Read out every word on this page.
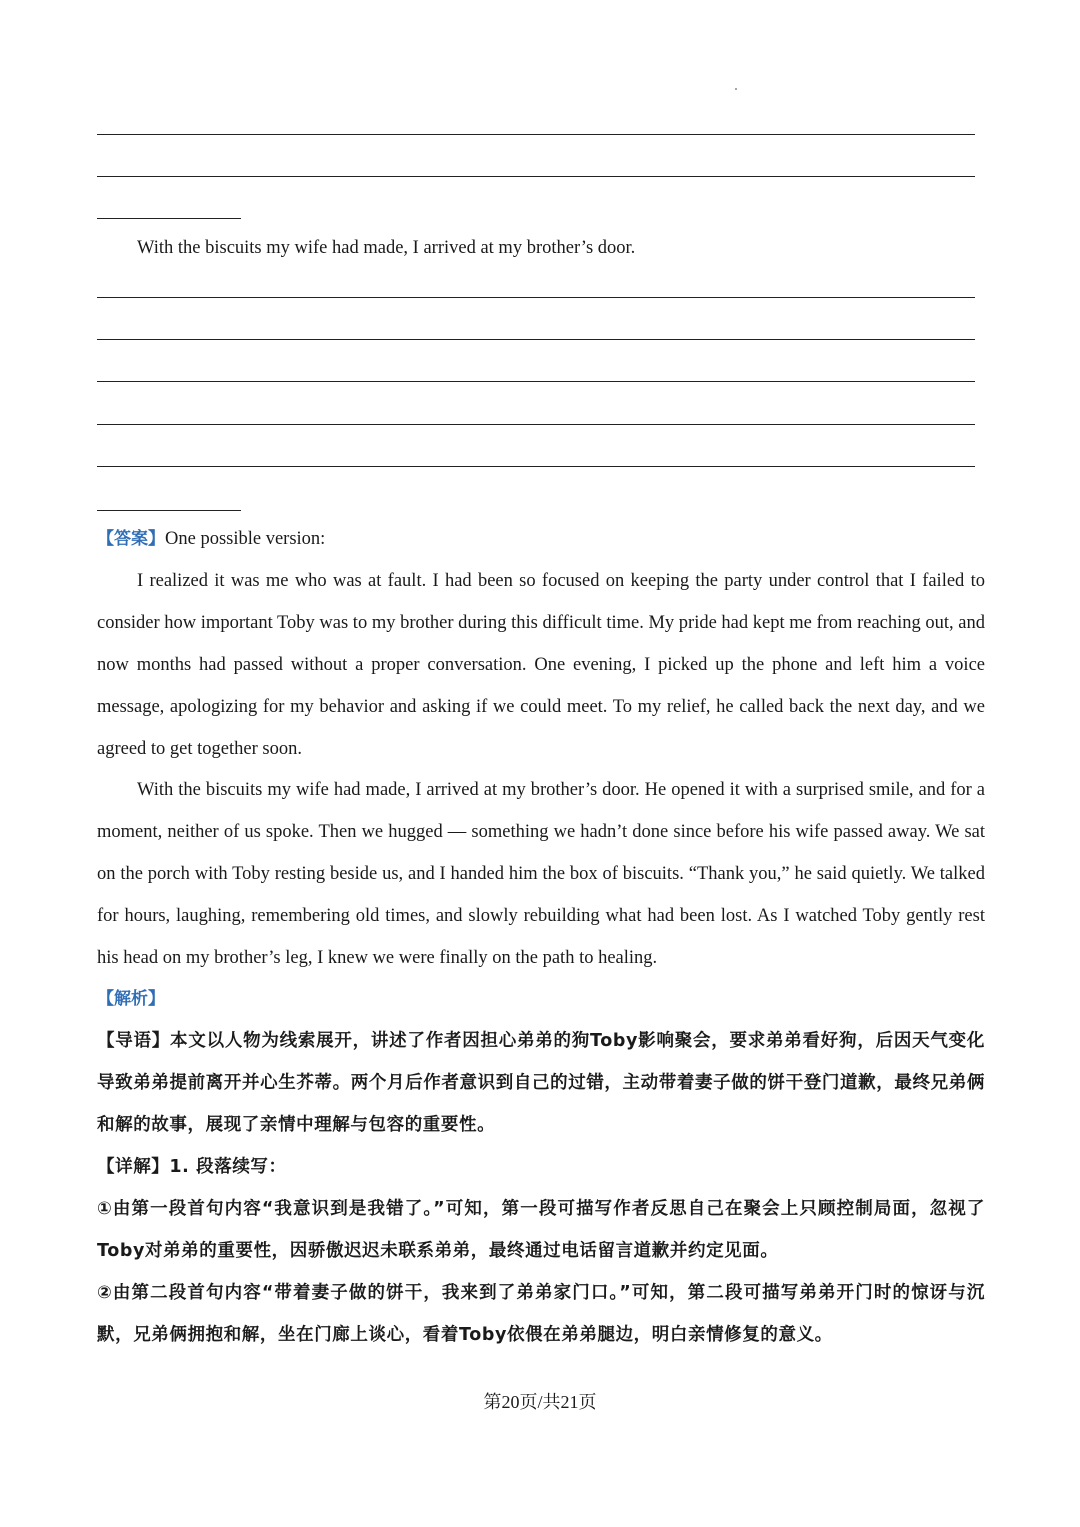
With the biscuits my wife had made, I arrived at my brother’s door.

【答案】One possible version:

I realized it was me who was at fault. I had been so focused on keeping the party under control that I failed to consider how important Toby was to my brother during this difficult time. My pride had kept me from reaching out, and now months had passed without a proper conversation. One evening, I picked up the phone and left him a voice message, apologizing for my behavior and asking if we could meet. To my relief, he called back the next day, and we agreed to get together soon.

With the biscuits my wife had made, I arrived at my brother’s door. He opened it with a surprised smile, and for a moment, neither of us spoke. Then we hugged — something we hadn’t done since before his wife passed away. We sat on the porch with Toby resting beside us, and I handed him the box of biscuits. “Thank you,” he said quietly. We talked for hours, laughing, remembering old times, and slowly rebuilding what had been lost. As I watched Toby gently rest his head on my brother’s leg, I knew we were finally on the path to healing.

【解析】

【导语】本文以人物为线索展开，讲述了作者因担心弟弟的狗Toby影响聚会，要求弟弟看好狗，后因天气变化导致弟弟提前离开并心生芥蒂。两个月后作者意识到自己的过错，主动带着妻子做的饼干登门道歉，最终兄弟俩和解的故事，展现了亲情中理解与包容的重要性。

【详解】1. 段落续写：

①由第一段首句内容“我意识到是我错了。”可知，第一段可描写作者反思自己在聚会上只顾控制局面，忽视了Toby对弟弟的重要性，因骄傲迟迟未联系弟弟，最终通过电话留言道歉并约定见面。

②由第二段首句内容“带着妻子做的饼干，我来到了弟弟家门口。”可知，第二段可描写弟弟开门时的惊讶与沉默，兄弟俩拥抱和解，坐在门廊上谈心，看着Toby依偎在弟弟腿边，明白亲情修复的意义。

第20页/共21页
